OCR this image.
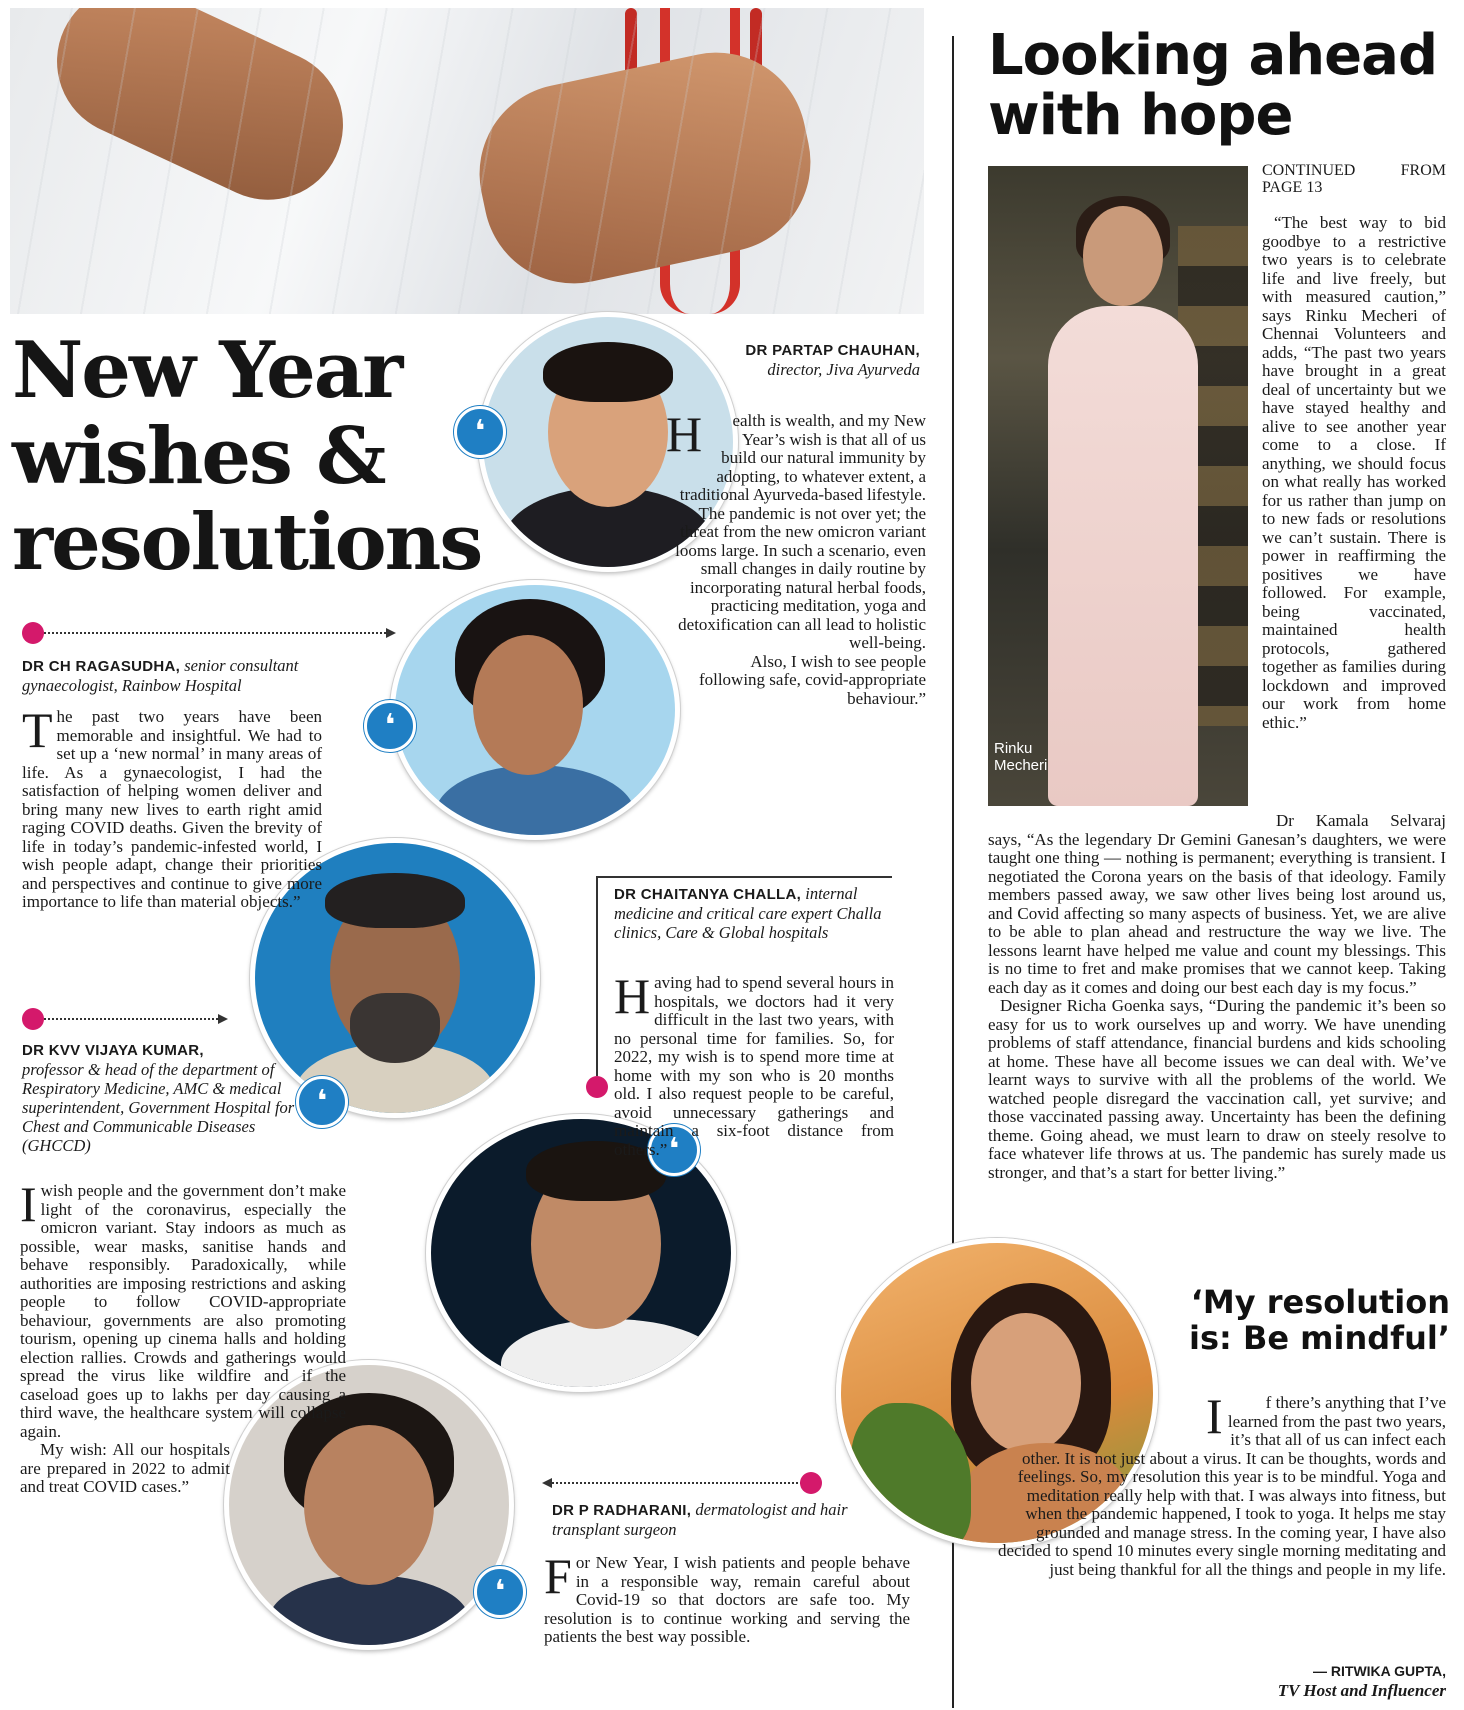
New Year
wishes &
resolutions
❛
❛
❛
❛
❛

DR PARTAP CHAUHAN, director, Jiva Ayurveda

H ealth is wealth, and my New Year’s wish is that all of us build our natural immunity by adopting, to whatever extent, a traditional Ayurveda-based lifestyle. The pandemic is not over yet; the threat from the new omicron variant looms large. In such a scenario, even small changes in daily routine by incorporating natural herbal foods, practicing meditation, yoga and detoxification can all lead to holistic well-being.

Also, I wish to see people following safe, covid-appropriate behaviour.”

DR CH RAGASUDHA, senior consultant gynaecologist, Rainbow Hospital

The past two years have been memorable and insightful. We had to set up a ‘new normal’ in many areas of life. As a gynaecologist, I had the satisfaction of helping women deliver and bring many new lives to earth right amid raging COVID deaths. Given the brevity of life in today’s pandemic-infested world, I wish people adapt, change their priorities and perspectives and continue to give more importance to life than material objects.”

DR KVV VIJAYA KUMAR,
professor & head of the department of Respiratory Medicine, AMC & medical superintendent, Government Hospital for Chest and Communicable Diseases (GHCCD)

Iwish people and the government don’t make light of the coronavirus, especially the omicron variant. Stay indoors as much as possible, wear masks, sanitise hands and behave responsibly. Paradoxically, while authorities are imposing restrictions and asking people to follow COVID-appropriate behaviour, governments are also promoting tourism, opening up cinema halls and holding election rallies. Crowds and gatherings would spread the virus like wildfire and if the caseload goes up to lakhs per day causing a third wave, the healthcare system will collapse again.

My wish: All our hospitals are prepared in 2022 to admit and treat COVID cases.”

DR CHAITANYA CHALLA, internal medicine and critical care expert Challa clinics, Care & Global hospitals

Having had to spend several hours in hospitals, we doctors had it very difficult in the last two years, with no personal time for families. So, for 2022, my wish is to spend more time at home with my son who is 20 months old. I also request people to be careful, avoid unnecessary gatherings and maintain a six-foot distance from others.”

DR P RADHARANI, dermatologist and hair transplant surgeon

For New Year, I wish patients and people behave in a responsible way, remain careful about Covid-19 so that doctors are safe too. My resolution is to continue working and serving the patients the best way possible.

Looking ahead
with hope
Rinku
Mecheri

CONTINUED FROM PAGE 13

“The best way to bid goodbye to a restrictive two years is to celebrate life and live freely, but with measured caution,” says Rinku Mecheri of Chennai Volunteers and adds, “The past two years have brought in a great deal of uncertainty but we have stayed healthy and alive to see another year come to a close. If anything, we should focus on what really has worked for us rather than jump on to new fads or resolutions we can’t sustain. There is power in reaffirming the positives we have followed. For example, being vaccinated, maintained health protocols, gathered together as families during lockdown and improved our work from home ethic.”

Dr Kamala Selvaraj says, “As the legendary Dr Gemini Ganesan’s daughters, we were taught one thing — nothing is permanent; everything is transient. I negotiated the Corona years on the basis of that ideology. Family members passed away, we saw other lives being lost around us, and Covid affecting so many aspects of business. Yet, we are alive to be able to plan ahead and restructure the way we live. The lessons learnt have helped me value and count my blessings. This is no time to fret and make promises that we cannot keep. Taking each day as it comes and doing our best each day is my focus.”

Designer Richa Goenka says, “During the pandemic it’s been so easy for us to work ourselves up and worry. We have unending problems of staff attendance, financial burdens and kids schooling at home. These have all become issues we can deal with. We’ve learnt ways to survive with all the problems of the world. We watched people disregard the vaccination call, yet survive; and those vaccinated passing away. Uncertainty has been the defining theme. Going ahead, we must learn to draw on steely resolve to face whatever life throws at us. The pandemic has surely made us stronger, and that’s a start for better living.”

‘My resolution
is: Be mindful’

I	f there’s anything that I’ve learned from the past two years, it’s that all of us can infect each other. It is not just about a virus. It can be thoughts, words and feelings. So, my resolution this year is to be mindful. Yoga and meditation really help with that. I was always into fitness, but when the pandemic happened, I took to yoga. It helps me stay grounded and manage stress. In the coming year, I have also decided to spend 10 minutes every single morning meditating and just being thankful for all the things and people in my life.

— RITWIKA GUPTA,
TV Host and Influencer
